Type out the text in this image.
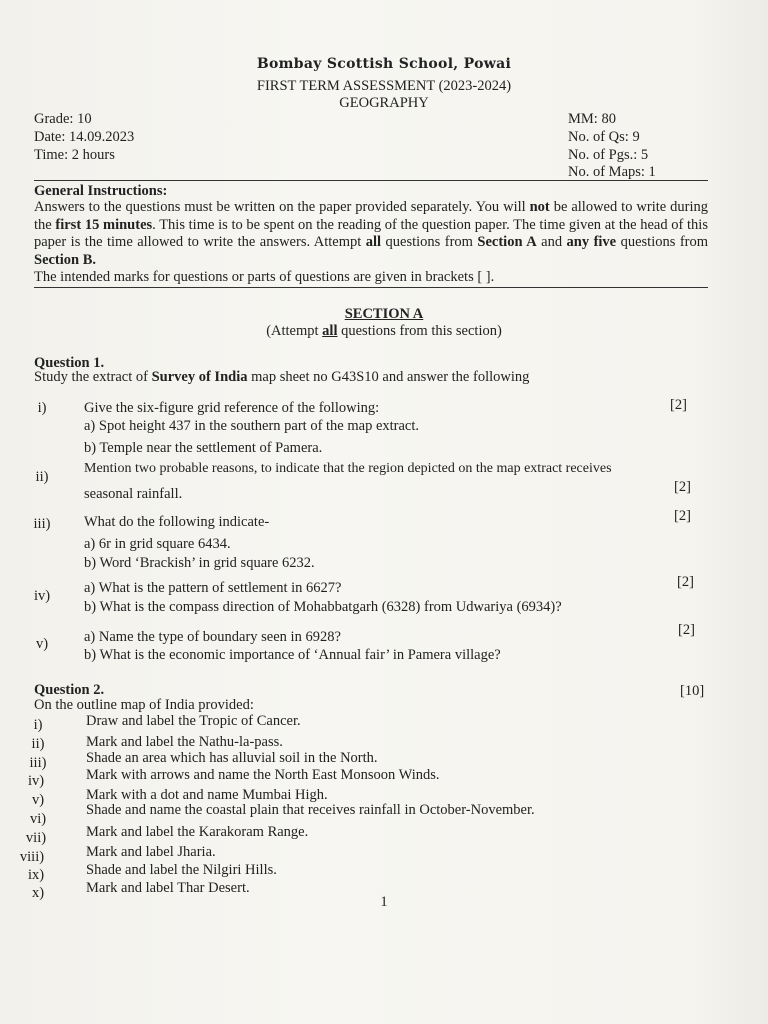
Bombay Scottish School, Powai
FIRST TERM ASSESSMENT (2023-2024)
GEOGRAPHY
Grade: 10
Date: 14.09.2023
Time: 2 hours
MM: 80
No. of Qs: 9
No. of Pgs.: 5
No. of Maps: 1
General Instructions:
Answers to the questions must be written on the paper provided separately. You will not be allowed to write during the first 15 minutes. This time is to be spent on the reading of the question paper. The time given at the head of this paper is the time allowed to write the answers. Attempt all questions from Section A and any five questions from Section B.
The intended marks for questions or parts of questions are given in brackets [ ].
SECTION A
(Attempt all questions from this section)
Question 1.
Study the extract of Survey of India map sheet no G43S10 and answer the following
i)	Give the six-figure grid reference of the following:
a) Spot height 437 in the southern part of the map extract.
b) Temple near the settlement of Pamera.
[2]
ii)
Mention two probable reasons, to indicate that the region depicted on the map extract receives
seasonal rainfall.	[2]
iii)	What do the following indicate-
a) 6r in grid square 6434.
b) Word ‘Brackish’ in grid square 6232.
[2]
iv)	a) What is the pattern of settlement in 6627?
b) What is the compass direction of Mohabbatgarh (6328) from Udwariya (6934)?
[2]
v)	a) Name the type of boundary seen in 6928?
b) What is the economic importance of ‘Annual fair’ in Pamera village?
[2]
Question 2.	[10]
On the outline map of India provided:
i)	Draw and label the Tropic of Cancer.
ii)	Mark and label the Nathu-la-pass.
iii)	Shade an area which has alluvial soil in the North.
iv)	Mark with arrows and name the North East Monsoon Winds.
v)	Mark with a dot and name Mumbai High.
vi)
Shade and name the coastal plain that receives rainfall in October-November.
vii)	Mark and label the Karakoram Range.
viii)	Mark and label Jharia.
ix)	Shade and label the Nilgiri Hills.
x)	Mark and label Thar Desert.
1
